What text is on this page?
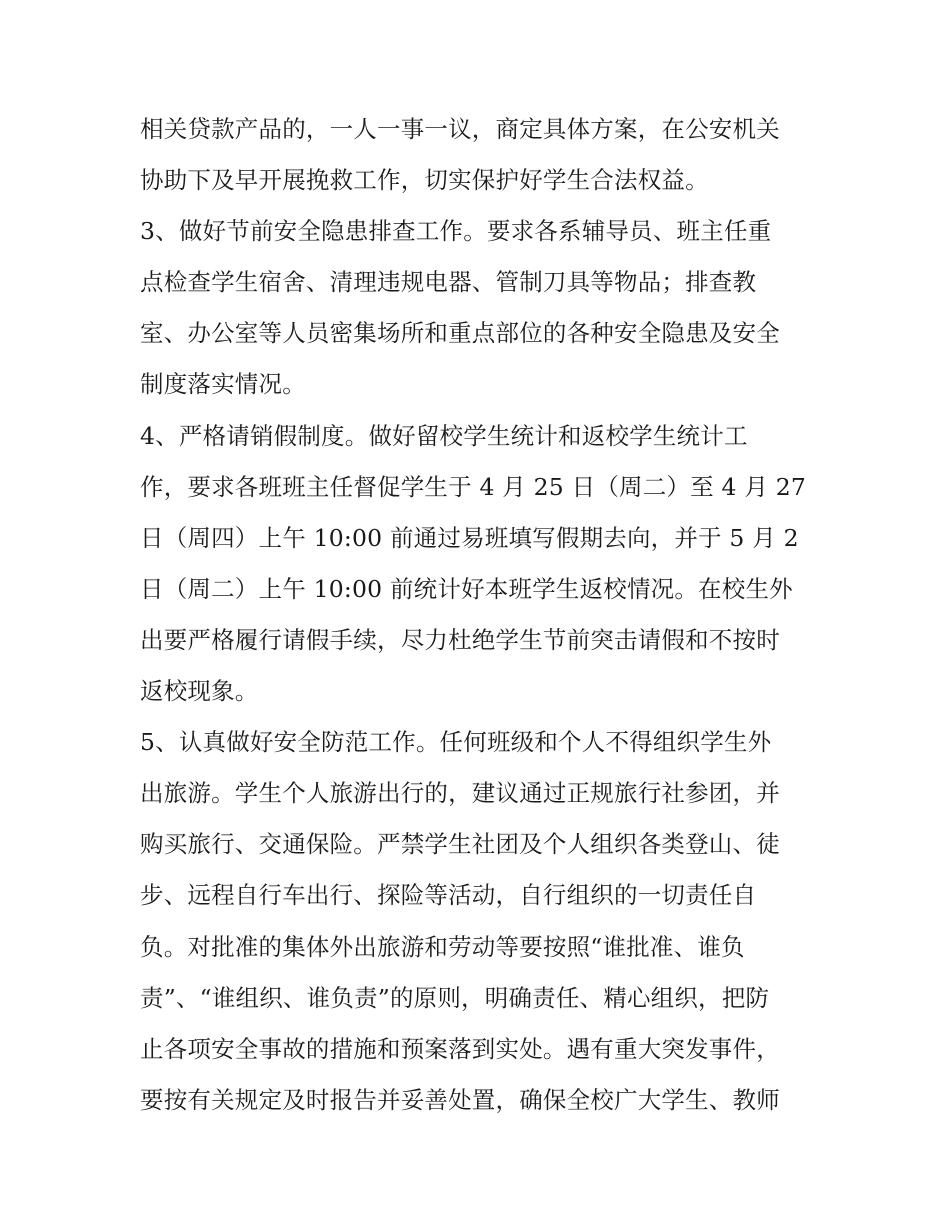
相关贷款产品的，一人一事一议，商定具体方案，在公安机关
协助下及早开展挽救工作，切实保护好学生合法权益。
3、做好节前安全隐患排查工作。要求各系辅导员、班主任重
点检查学生宿舍、清理违规电器、管制刀具等物品；排查教
室、办公室等人员密集场所和重点部位的各种安全隐患及安全
制度落实情况。
4、严格请销假制度。做好留校学生统计和返校学生统计工
作，要求各班班主任督促学生于 4 月 25 日（周二）至 4 月 27
日（周四）上午 10:00 前通过易班填写假期去向，并于 5 月 2
日（周二）上午 10:00 前统计好本班学生返校情况。在校生外
出要严格履行请假手续，尽力杜绝学生节前突击请假和不按时
返校现象。
5、认真做好安全防范工作。任何班级和个人不得组织学生外
出旅游。学生个人旅游出行的，建议通过正规旅行社参团，并
购买旅行、交通保险。严禁学生社团及个人组织各类登山、徒
步、远程自行车出行、探险等活动，自行组织的一切责任自
负。对批准的集体外出旅游和劳动等要按照“谁批准、谁负
责”、“谁组织、谁负责”的原则，明确责任、精心组织，把防
止各项安全事故的措施和预案落到实处。遇有重大突发事件，
要按有关规定及时报告并妥善处置，确保全校广大学生、教师
